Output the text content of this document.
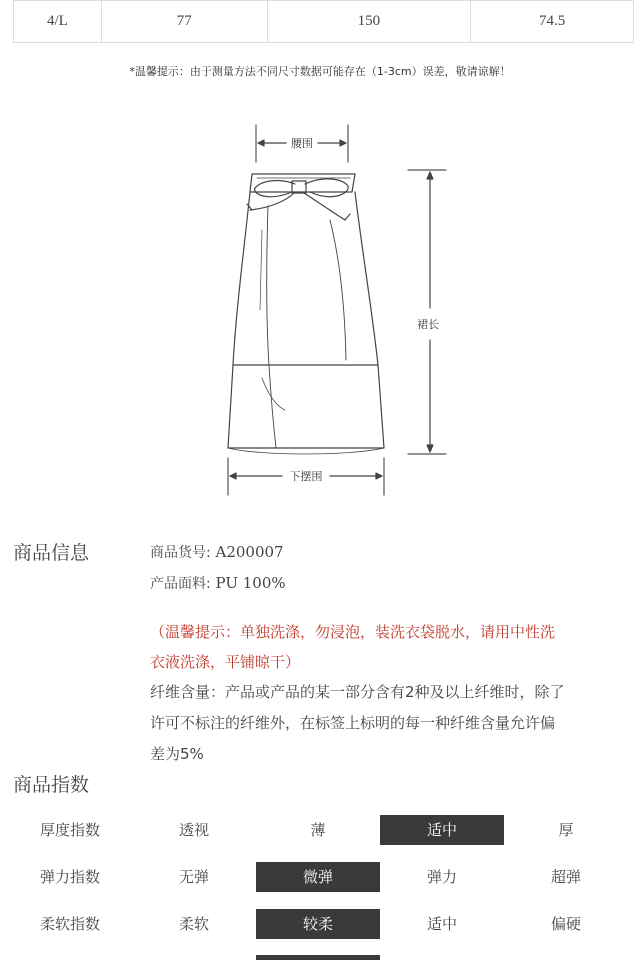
4/L	77	150	74.5
*温馨提示：由于测量方法不同尺寸数据可能存在（1-3cm）误差，敬请谅解！
腰围
裙长
下摆围
商品信息	商品货号: A200007
产品面料: PU 100%
（温馨提示：单独洗涤，勿浸泡，装洗衣袋脱水，请用中性洗
衣液洗涤，平铺晾干）
纤维含量：产品或产品的某一部分含有2种及以上纤维时，除了
许可不标注的纤维外，在标签上标明的每一种纤维含量允许偏
差为5%
商品指数
厚度指数	透视	薄	适中	厚
弹力指数	无弹	微弹	弹力	超弹
柔软指数	柔软	较柔	适中	偏硬
